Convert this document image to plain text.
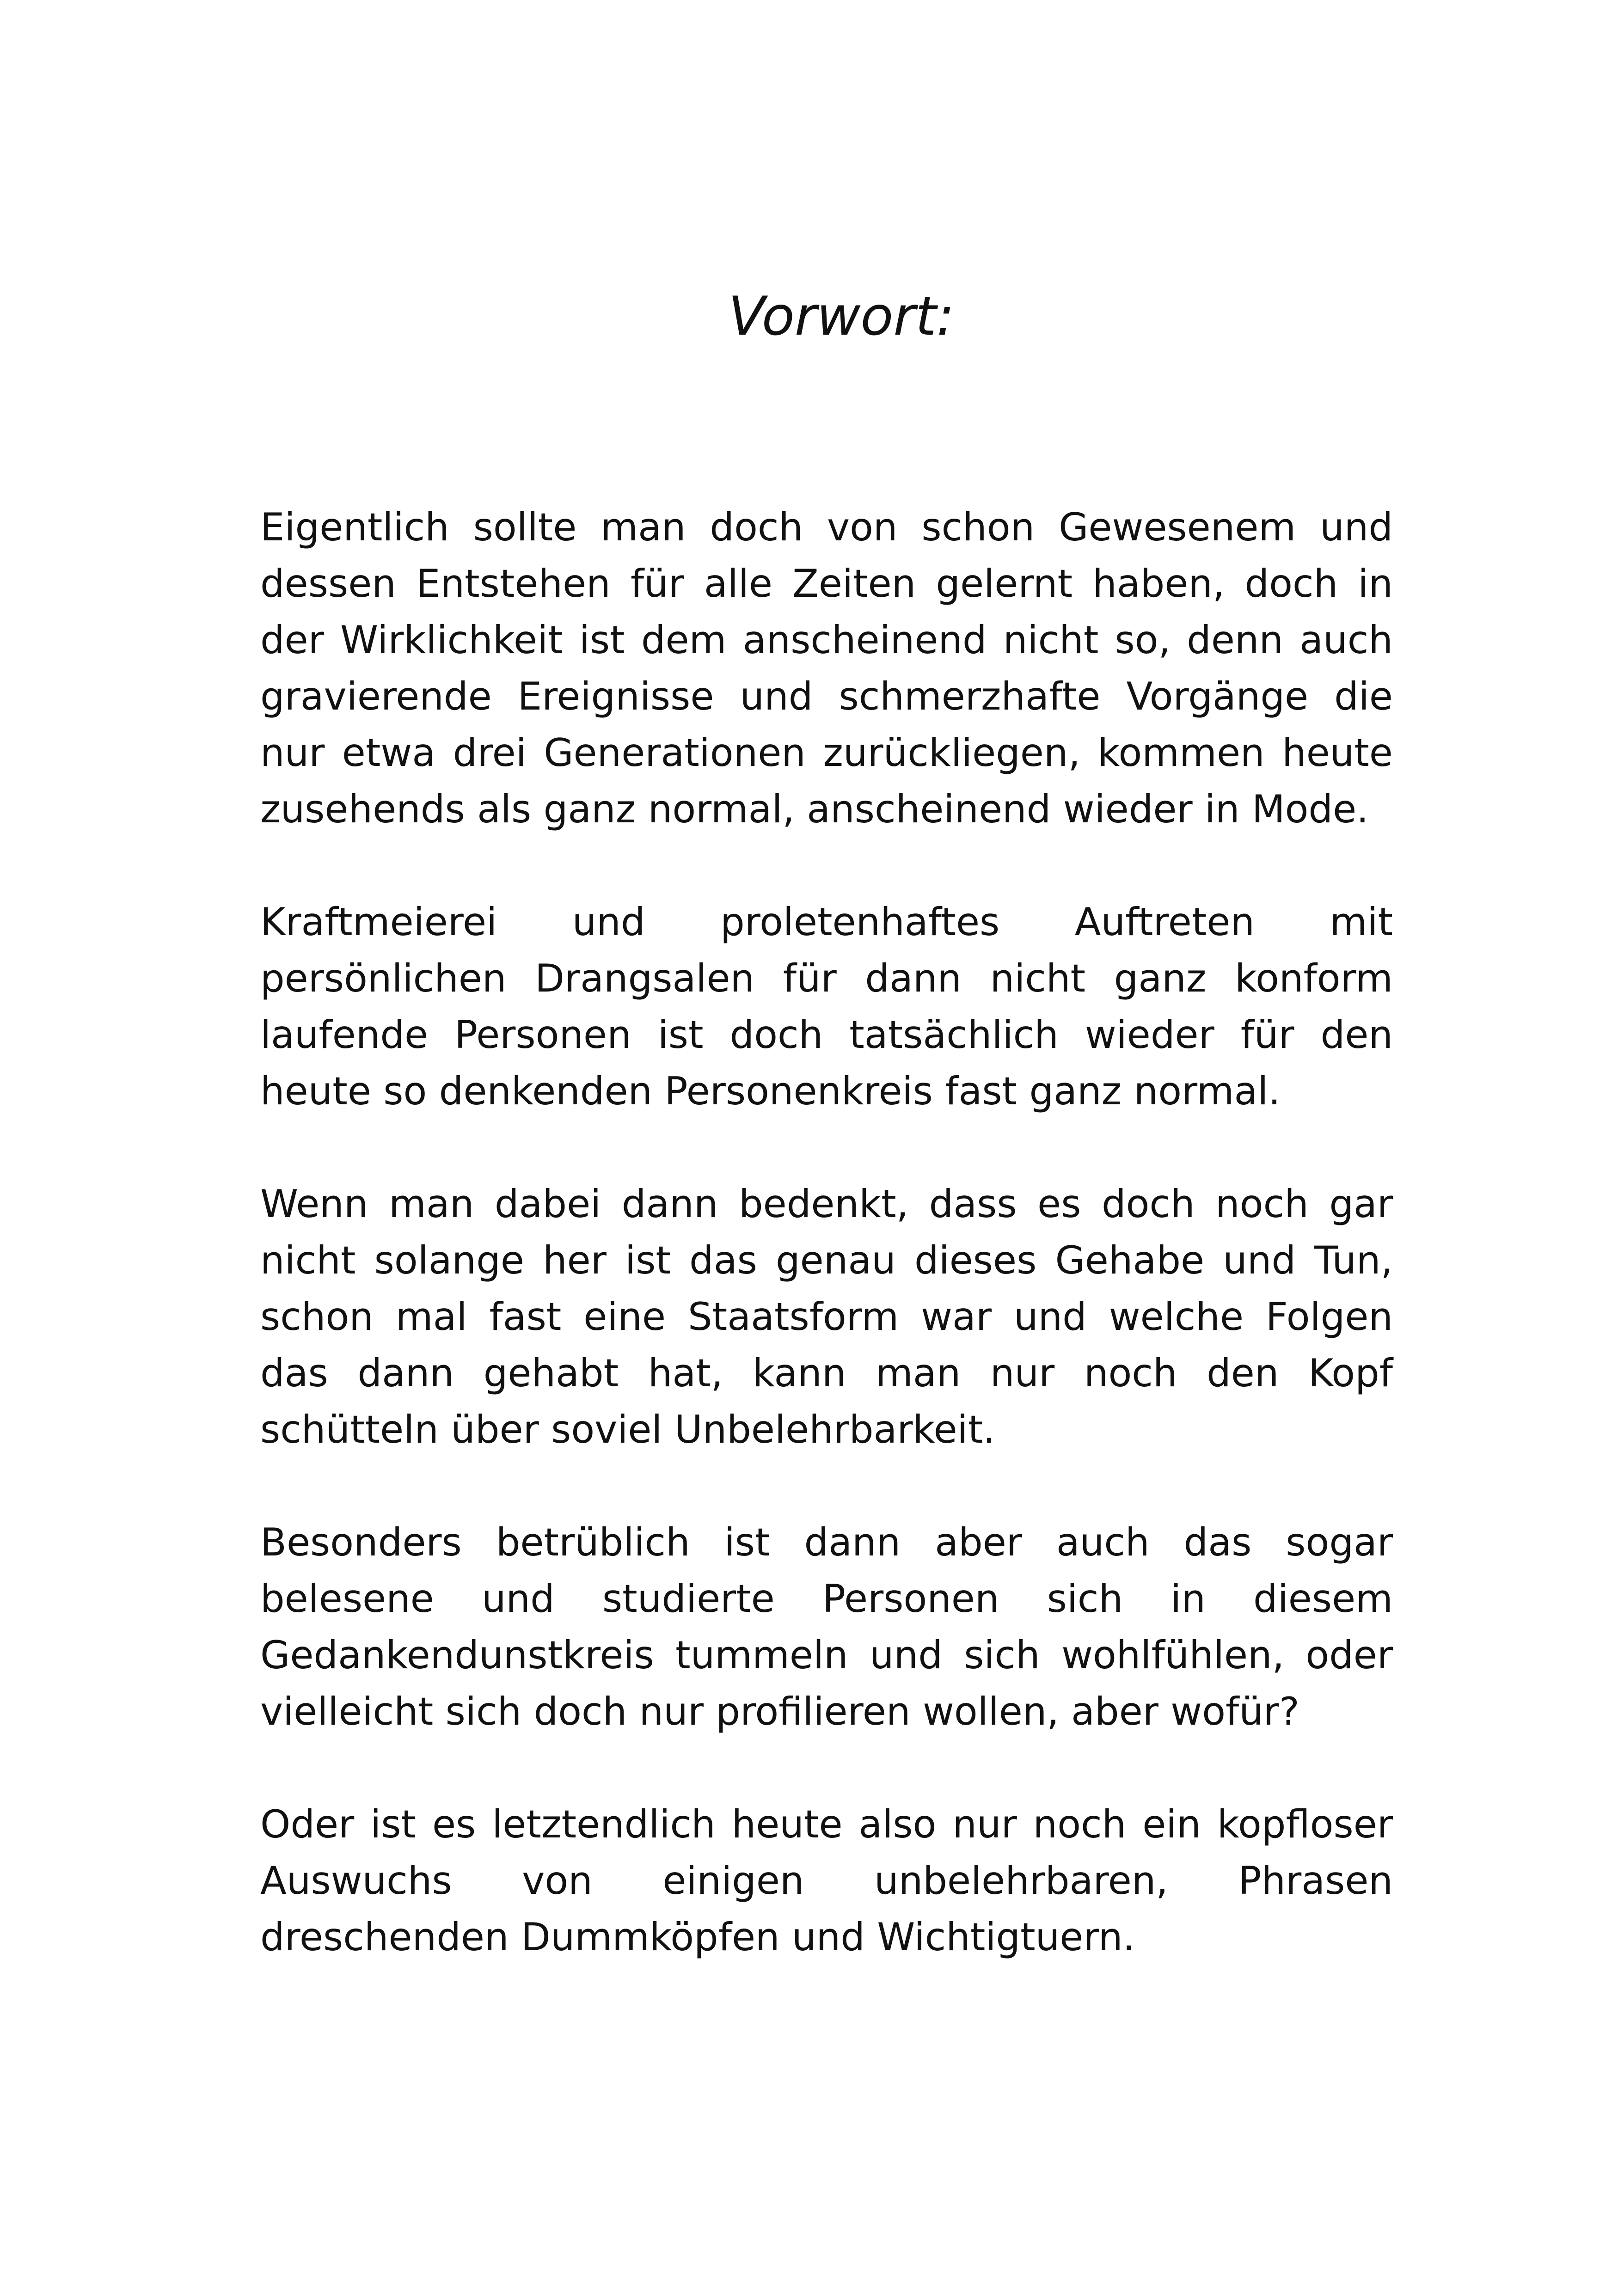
Vorwort:

Eigentlich sollte man doch von schon Gewesenem und dessen Entstehen für alle Zeiten gelernt haben, doch in der Wirklichkeit ist dem anscheinend nicht so, denn auch gravierende Ereignisse und schmerzhafte Vorgänge die nur etwa drei Generationen zurückliegen, kommen heute zusehends als ganz normal, anscheinend wieder in Mode.

Kraftmeierei und proletenhaftes Auftreten mit persönlichen Drangsalen für dann nicht ganz konform laufende Personen ist doch tatsächlich wieder für den heute so denkenden Personenkreis fast ganz normal.

Wenn man dabei dann bedenkt, dass es doch noch gar nicht solange her ist das genau dieses Gehabe und Tun, schon mal fast eine Staatsform war und welche Folgen das dann gehabt hat, kann man nur noch den Kopf schütteln über soviel Unbelehrbarkeit.

Besonders betrüblich ist dann aber auch das sogar belesene und studierte Personen sich in diesem Gedankendunstkreis tummeln und sich wohlfühlen, oder vielleicht sich doch nur profilieren wollen, aber wofür?

Oder ist es letztendlich heute also nur noch ein kopfloser Auswuchs von einigen unbelehrbaren, Phrasen dreschenden Dummköpfen und Wichtigtuern.
